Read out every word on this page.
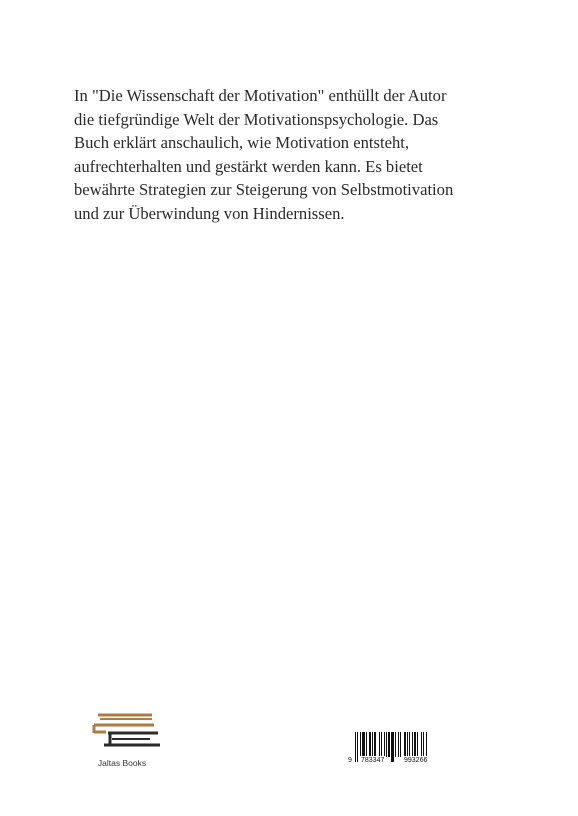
In "Die Wissenschaft der Motivation" enthüllt der Autor

die tiefgründige Welt der Motivationspsychologie. Das

Buch erklärt anschaulich, wie Motivation entsteht,

aufrechterhalten und gestärkt werden kann. Es bietet

bewährte Strategien zur Steigerung von Selbstmotivation

und zur Überwindung von Hindernissen.

Jaltas Books	9 783347	993266
